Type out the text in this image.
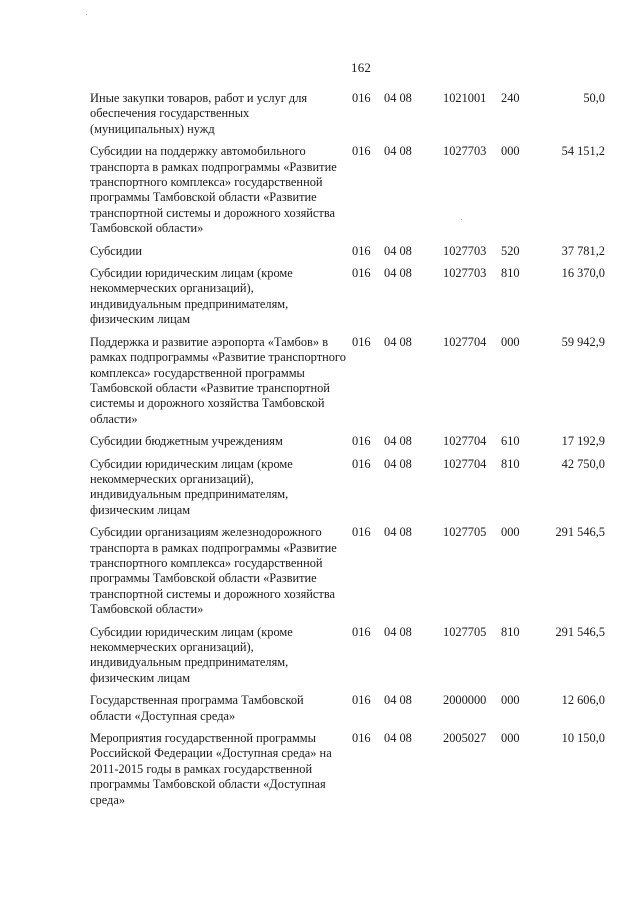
162
Иные закупки товаров, работ и услуг для обеспечения государственных (муниципальных) нужд	016	04 08	1021001	240	50,0
Субсидии на поддержку автомобильного транспорта в рамках подпрограммы «Развитие транспортного комплекса» государственной программы Тамбовской области «Развитие транспортной системы и дорожного хозяйства Тамбовской области»	016	04 08	1027703	000	54 151,2
Субсидии	016	04 08	1027703	520	37 781,2
Субсидии юридическим лицам (кроме некоммерческих организаций), индивидуальным предпринимателям, физическим лицам	016	04 08	1027703	810	16 370,0
Поддержка и развитие аэропорта «Тамбов» в рамках подпрограммы «Развитие транспортного комплекса» государственной программы Тамбовской области «Развитие транспортной системы и дорожного хозяйства Тамбовской области»	016	04 08	1027704	000	59 942,9
Субсидии бюджетным учреждениям	016	04 08	1027704	610	17 192,9
Субсидии юридическим лицам (кроме некоммерческих организаций), индивидуальным предпринимателям, физическим лицам	016	04 08	1027704	810	42 750,0
Субсидии организациям железнодорожного транспорта в рамках подпрограммы «Развитие транспортного комплекса» государственной программы Тамбовской области «Развитие транспортной системы и дорожного хозяйства Тамбовской области»	016	04 08	1027705	000	291 546,5
Субсидии юридическим лицам (кроме некоммерческих организаций), индивидуальным предпринимателям, физическим лицам	016	04 08	1027705	810	291 546,5
Государственная программа Тамбовской области «Доступная среда»	016	04 08	2000000	000	12 606,0
Мероприятия государственной программы Российской Федерации «Доступная среда» на 2011-2015 годы в рамках государственной программы Тамбовской области «Доступная среда»	016	04 08	2005027	000	10 150,0
